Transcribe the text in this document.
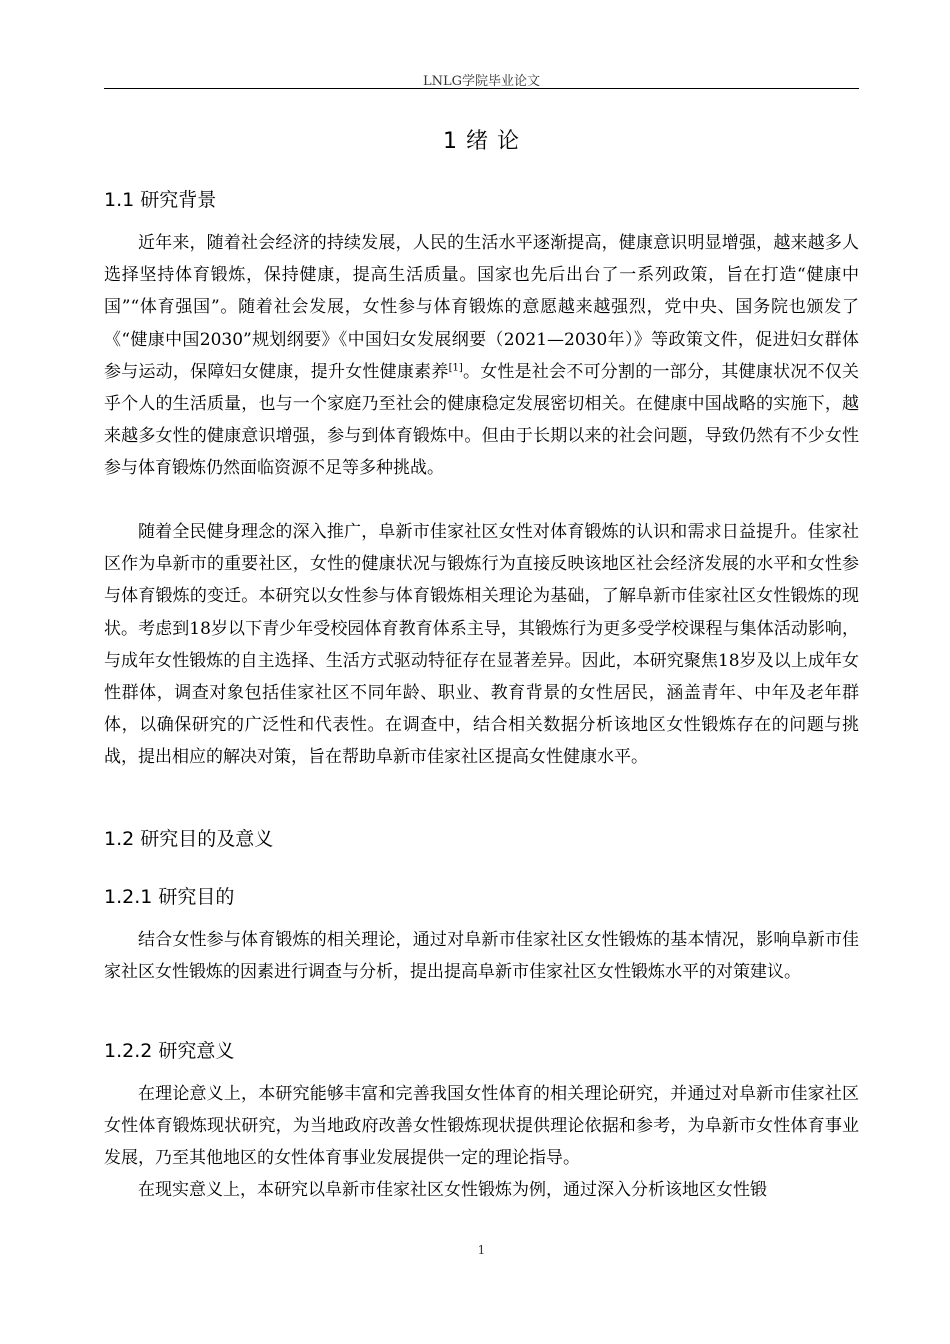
LNLG学院毕业论文
1 绪 论
1.1 研究背景

近年来，随着社会经济的持续发展，人民的生活水平逐渐提高，健康意识明显增强，越来越多人选择坚持体育锻炼，保持健康，提高生活质量。国家也先后出台了一系列政策，旨在打造“健康中国”“体育强国”。随着社会发展，女性参与体育锻炼的意愿越来越强烈，党中央、国务院也颁发了《“健康中国2030”规划纲要》《中国妇女发展纲要（2021—2030年）》等政策文件，促进妇女群体参与运动，保障妇女健康，提升女性健康素养[1]。女性是社会不可分割的一部分，其健康状况不仅关乎个人的生活质量，也与一个家庭乃至社会的健康稳定发展密切相关。在健康中国战略的实施下，越来越多女性的健康意识增强，参与到体育锻炼中。但由于长期以来的社会问题，导致仍然有不少女性参与体育锻炼仍然面临资源不足等多种挑战。

随着全民健身理念的深入推广，阜新市佳家社区女性对体育锻炼的认识和需求日益提升。佳家社区作为阜新市的重要社区，女性的健康状况与锻炼行为直接反映该地区社会经济发展的水平和女性参与体育锻炼的变迁。本研究以女性参与体育锻炼相关理论为基础，了解阜新市佳家社区女性锻炼的现状。考虑到18岁以下青少年受校园体育教育体系主导，其锻炼行为更多受学校课程与集体活动影响，与成年女性锻炼的自主选择、生活方式驱动特征存在显著差异。因此，本研究聚焦18岁及以上成年女性群体，调查对象包括佳家社区不同年龄、职业、教育背景的女性居民，涵盖青年、中年及老年群体，以确保研究的广泛性和代表性。在调查中，结合相关数据分析该地区女性锻炼存在的问题与挑战，提出相应的解决对策，旨在帮助阜新市佳家社区提高女性健康水平。

1.2 研究目的及意义
1.2.1 研究目的

结合女性参与体育锻炼的相关理论，通过对阜新市佳家社区女性锻炼的基本情况，影响阜新市佳家社区女性锻炼的因素进行调查与分析，提出提高阜新市佳家社区女性锻炼水平的对策建议。

1.2.2 研究意义

在理论意义上，本研究能够丰富和完善我国女性体育的相关理论研究，并通过对阜新市佳家社区女性体育锻炼现状研究，为当地政府改善女性锻炼现状提供理论依据和参考，为阜新市女性体育事业发展，乃至其他地区的女性体育事业发展提供一定的理论指导。

在现实意义上，本研究以阜新市佳家社区女性锻炼为例，通过深入分析该地区女性锻

1
